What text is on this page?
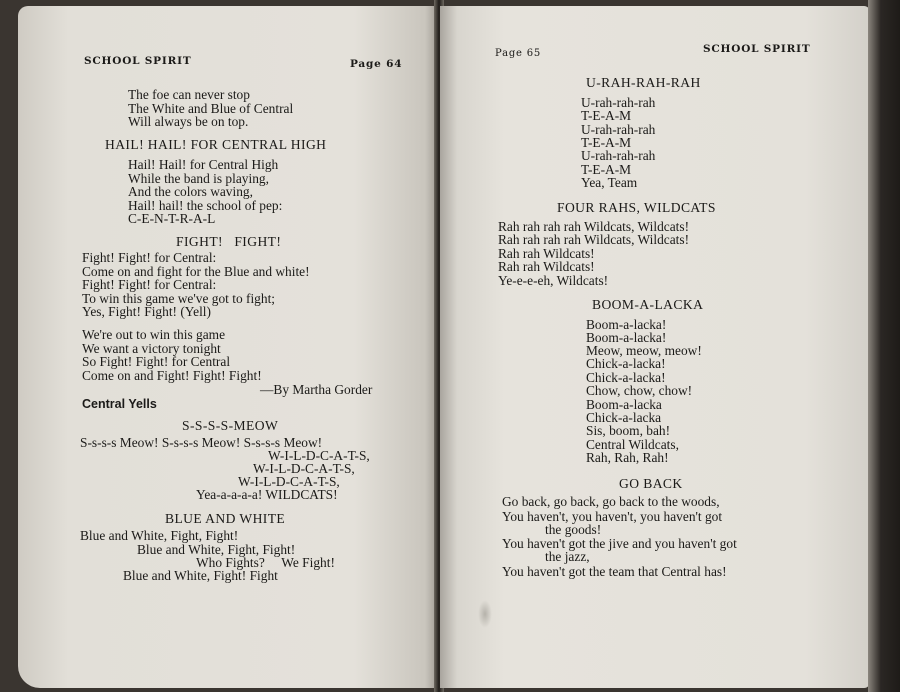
SCHOOL SPIRIT	Page 64
The foe can never stop
The White and Blue of Central
Will always be on top.
HAIL! HAIL! FOR CENTRAL HIGH
Hail! Hail! for Central High
While the band is playing,
And the colors waving,
Hail! hail! the school of pep:
C-E-N-T-R-A-L
FIGHT!   FIGHT!
Fight! Fight! for Central:
Come on and fight for the Blue and white!
Fight! Fight! for Central:
To win this game we've got to fight;
Yes, Fight! Fight! (Yell)
We're out to win this game
We want a victory tonight
So Fight! Fight! for Central
Come on and Fight! Fight! Fight!
—By Martha Gorder
Central Yells
S-S-S-S-MEOW
S-s-s-s Meow! S-s-s-s Meow! S-s-s-s Meow!
W-I-L-D-C-A-T-S,
W-I-L-D-C-A-T-S,
W-I-L-D-C-A-T-S,
Yea-a-a-a-a! WILDCATS!
BLUE AND WHITE
Blue and White, Fight, Fight!
Blue and White, Fight, Fight!
Who Fights?     We Fight!
Blue and White, Fight! Fight
Page 65	SCHOOL SPIRIT
U-RAH-RAH-RAH
U-rah-rah-rah
T-E-A-M
U-rah-rah-rah
T-E-A-M
U-rah-rah-rah
T-E-A-M
Yea, Team
FOUR RAHS, WILDCATS
Rah rah rah rah Wildcats, Wildcats!
Rah rah rah rah Wildcats, Wildcats!
Rah rah Wildcats!
Rah rah Wildcats!
Ye-e-e-eh, Wildcats!
BOOM-A-LACKA
Boom-a-lacka!
Boom-a-lacka!
Meow, meow, meow!
Chick-a-lacka!
Chick-a-lacka!
Chow, chow, chow!
Boom-a-lacka
Chick-a-lacka
Sis, boom, bah!
Central Wildcats,
Rah, Rah, Rah!
GO BACK
Go back, go back, go back to the woods,
You haven't, you haven't, you haven't got
the goods!
You haven't got the jive and you haven't got
the jazz,
You haven't got the team that Central has!
